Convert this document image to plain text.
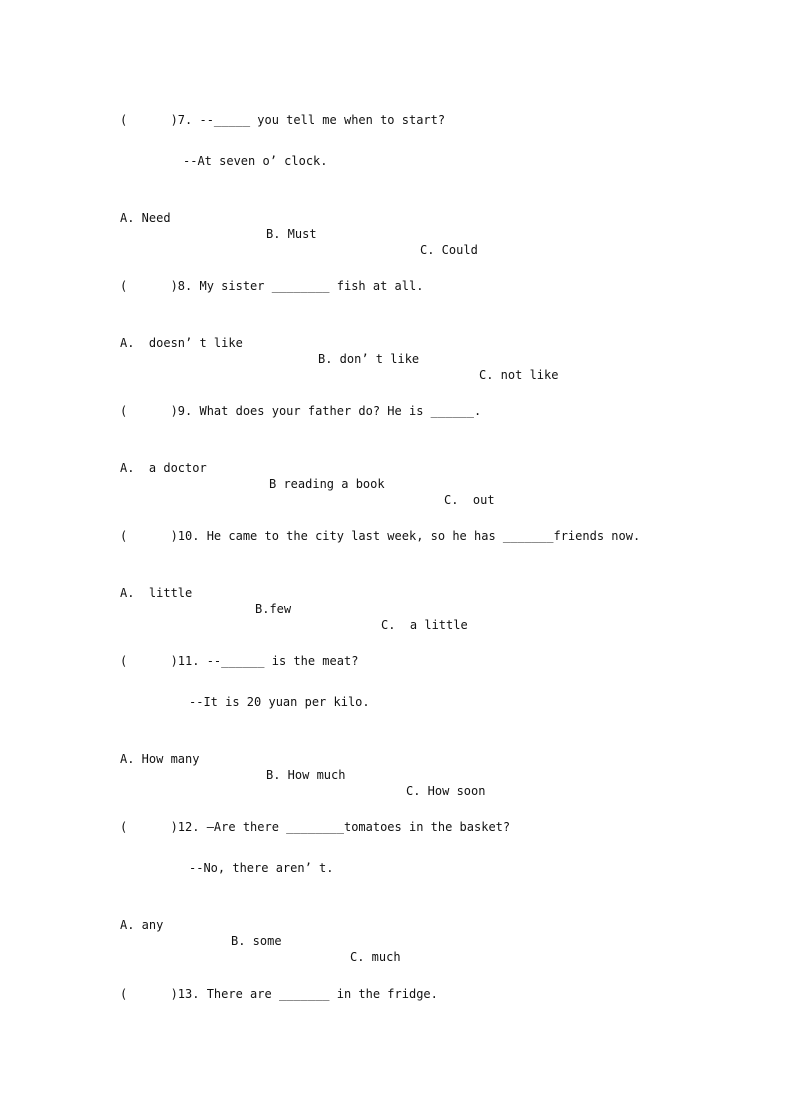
(      )7. --_____ you tell me when to start?

--At seven o’ clock.

A. Need

B. Must

C. Could

(      )8. My sister ________ fish at all.

A.  doesn’ t like

B. don’ t like

C. not like

(      )9. What does your father do? He is ______.

A.  a doctor

B reading a book

C.  out

(      )10. He came to the city last week, so he has _______friends now.

A.  little

B.few

C.  a little

(      )11. --______ is the meat?

--It is 20 yuan per kilo.

A. How many

B. How much

C. How soon

(      )12. –Are there ________tomatoes in the basket?

--No, there aren’ t.

A. any

B. some

C. much

(      )13. There are _______ in the fridge.
